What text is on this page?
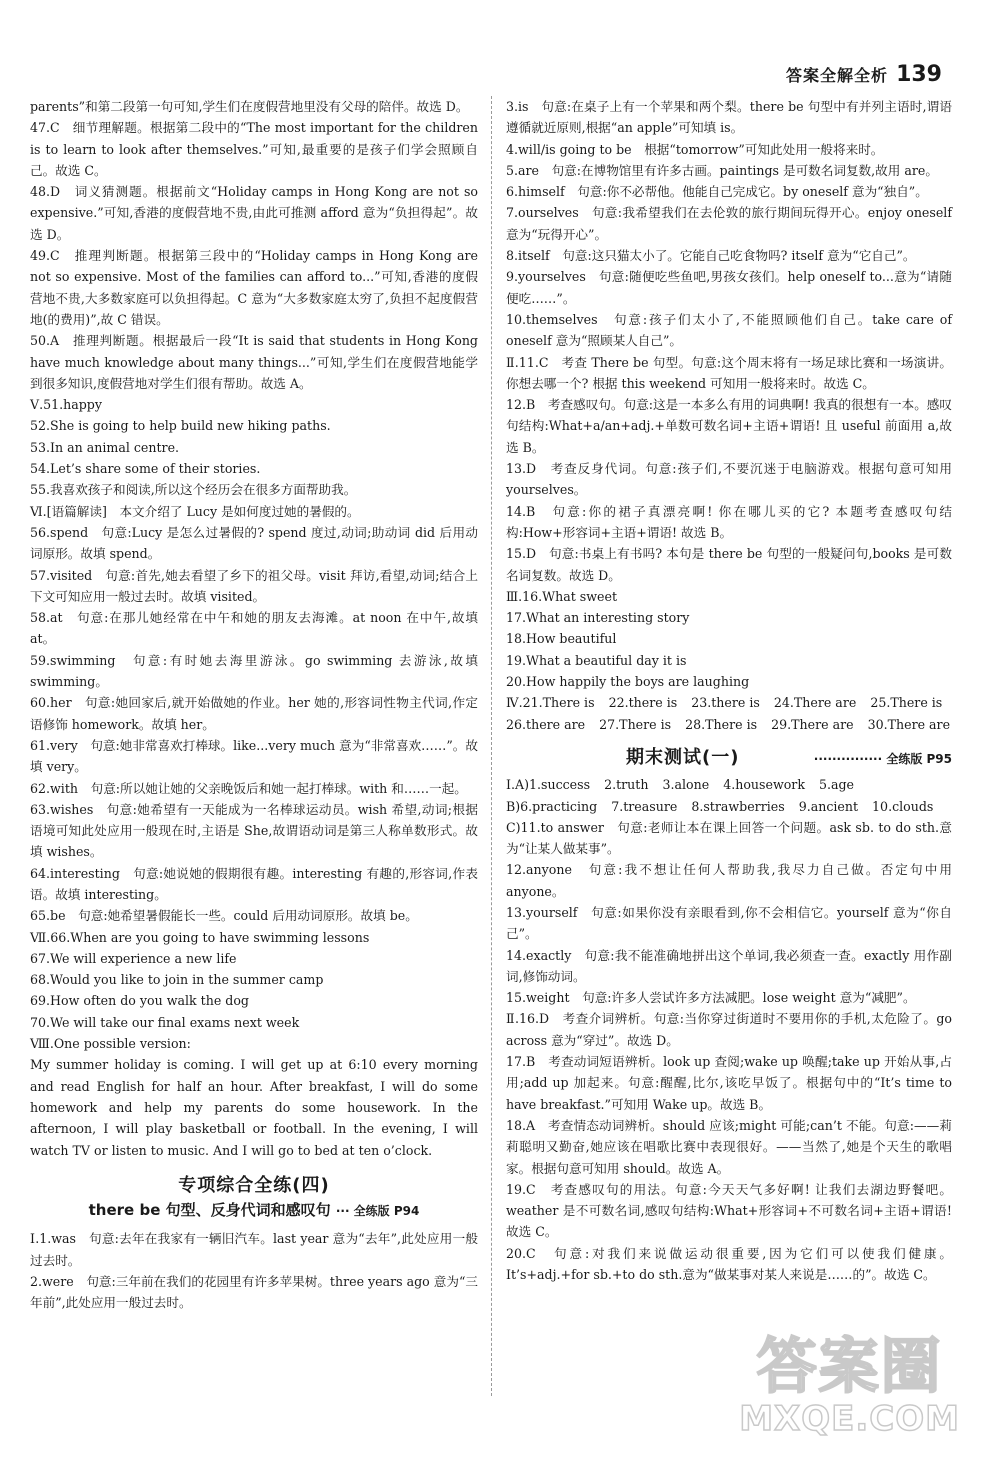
答案全解全析 139
parents”和第二段第一句可知,学生们在度假营地里没有父母的陪伴。故选 D。
47.C　细节理解题。根据第二段中的“The most important for the children is to learn to look after themselves.”可知,最重要的是孩子们学会照顾自己。故选 C。
48.D　词义猜测题。根据前文“Holiday camps in Hong Kong are not so expensive.”可知,香港的度假营地不贵,由此可推测 afford 意为“负担得起”。故选 D。
49.C　推理判断题。根据第三段中的“Holiday camps in Hong Kong are not so expensive. Most of the families can afford to...”可知,香港的度假营地不贵,大多数家庭可以负担得起。C 意为“大多数家庭太穷了,负担不起度假营地(的费用)”,故 C 错误。
50.A　推理判断题。根据最后一段“It is said that students in Hong Kong have much knowledge about many things...”可知,学生们在度假营地能学到很多知识,度假营地对学生们很有帮助。故选 A。
Ⅴ.51.happy
52.She is going to help build new hiking paths.
53.In an animal centre.
54.Let’s share some of their stories.
55.我喜欢孩子和阅读,所以这个经历会在很多方面帮助我。
Ⅵ.[语篇解读]　本文介绍了 Lucy 是如何度过她的暑假的。
56.spend　句意:Lucy 是怎么过暑假的? spend 度过,动词;助动词 did 后用动词原形。故填 spend。
57.visited　句意:首先,她去看望了乡下的祖父母。visit 拜访,看望,动词;结合上下文可知应用一般过去时。故填 visited。
58.at　句意:在那儿她经常在中午和她的朋友去海滩。at noon 在中午,故填 at。
59.swimming　句意:有时她去海里游泳。go swimming 去游泳,故填 swimming。
60.her　句意:她回家后,就开始做她的作业。her 她的,形容词性物主代词,作定语修饰 homework。故填 her。
61.very　句意:她非常喜欢打棒球。like...very much 意为“非常喜欢……”。故填 very。
62.with　句意:所以她让她的父亲晚饭后和她一起打棒球。with 和……一起。
63.wishes　句意:她希望有一天能成为一名棒球运动员。wish 希望,动词;根据语境可知此处应用一般现在时,主语是 She,故谓语动词是第三人称单数形式。故填 wishes。
64.interesting　句意:她说她的假期很有趣。interesting 有趣的,形容词,作表语。故填 interesting。
65.be　句意:她希望暑假能长一些。could 后用动词原形。故填 be。
Ⅶ.66.When are you going to have swimming lessons
67.We will experience a new life
68.Would you like to join in the summer camp
69.How often do you walk the dog
70.We will take our final exams next week
Ⅷ.One possible version:
My summer holiday is coming. I will get up at 6:10 every morning and read English for half an hour. After breakfast, I will do some homework and help my parents do some housework. In the afternoon, I will play basketball or football. In the evening, I will watch TV or listen to music. And I will go to bed at ten o’clock.
专项综合全练(四)
there be 句型、反身代词和感叹句 ··· 全练版 P94
Ⅰ.1.was　句意:去年在我家有一辆旧汽车。last year 意为“去年”,此处应用一般过去时。
2.were　句意:三年前在我们的花园里有许多苹果树。three years ago 意为“三年前”,此处应用一般过去时。
3.is　句意:在桌子上有一个苹果和两个梨。there be 句型中有并列主语时,谓语遵循就近原则,根据“an apple”可知填 is。
4.will/is going to be　根据“tomorrow”可知此处用一般将来时。
5.are　句意:在博物馆里有许多古画。paintings 是可数名词复数,故用 are。
6.himself　句意:你不必帮他。他能自己完成它。by oneself 意为“独自”。
7.ourselves　句意:我希望我们在去伦敦的旅行期间玩得开心。enjoy oneself 意为“玩得开心”。
8.itself　句意:这只猫太小了。它能自己吃食物吗? itself 意为“它自己”。
9.yourselves　句意:随便吃些鱼吧,男孩女孩们。help oneself to...意为“请随便吃……”。
10.themselves　句意:孩子们太小了,不能照顾他们自己。take care of oneself 意为“照顾某人自己”。
Ⅱ.11.C　考查 There be 句型。句意:这个周末将有一场足球比赛和一场演讲。你想去哪一个? 根据 this weekend 可知用一般将来时。故选 C。
12.B　考查感叹句。句意:这是一本多么有用的词典啊! 我真的很想有一本。感叹句结构:What+a/an+adj.+单数可数名词+主语+谓语! 且 useful 前面用 a,故选 B。
13.D　考查反身代词。句意:孩子们,不要沉迷于电脑游戏。根据句意可知用 yourselves。
14.B　句意:你的裙子真漂亮啊! 你在哪儿买的它? 本题考查感叹句结构:How+形容词+主语+谓语! 故选 B。
15.D　句意:书桌上有书吗? 本句是 there be 句型的一般疑问句,books 是可数名词复数。故选 D。
Ⅲ.16.What sweet
17.What an interesting story
18.How beautiful
19.What a beautiful day it is
20.How happily the boys are laughing
Ⅳ.21.There is 22.there is 23.there is 24.There are 25.There is
26.there are 27.There is 28.There is 29.There are 30.There are
期末测试(一)	··············· 全练版 P95
Ⅰ.A)1.success 2.truth 3.alone 4.housework 5.age
B)6.practicing 7.treasure 8.strawberries 9.ancient 10.clouds
C)11.to answer　句意:老师让本在课上回答一个问题。ask sb. to do sth.意为“让某人做某事”。
12.anyone　句意:我不想让任何人帮助我,我尽力自己做。否定句中用 anyone。
13.yourself　句意:如果你没有亲眼看到,你不会相信它。yourself 意为“你自己”。
14.exactly　句意:我不能准确地拼出这个单词,我必须查一查。exactly 用作副词,修饰动词。
15.weight　句意:许多人尝试许多方法减肥。lose weight 意为“减肥”。
Ⅱ.16.D　考查介词辨析。句意:当你穿过街道时不要用你的手机,太危险了。go across 意为“穿过”。故选 D。
17.B　考查动词短语辨析。look up 查阅;wake up 唤醒;take up 开始从事,占用;add up 加起来。句意:醒醒,比尔,该吃早饭了。根据句中的“It’s time to have breakfast.”可知用 Wake up。故选 B。
18.A　考查情态动词辨析。should 应该;might 可能;can’t 不能。句意:——莉莉聪明又勤奋,她应该在唱歌比赛中表现很好。——当然了,她是个天生的歌唱家。根据句意可知用 should。故选 A。
19.C　考查感叹句的用法。句意:今天天气多好啊! 让我们去湖边野餐吧。weather 是不可数名词,感叹句结构:What+形容词+不可数名词+主语+谓语! 故选 C。
20.C　句意:对我们来说做运动很重要,因为它们可以使我们健康。It’s+adj.+for sb.+to do sth.意为“做某事对某人来说是……的”。故选 C。
答案圈
MXQE.COM
